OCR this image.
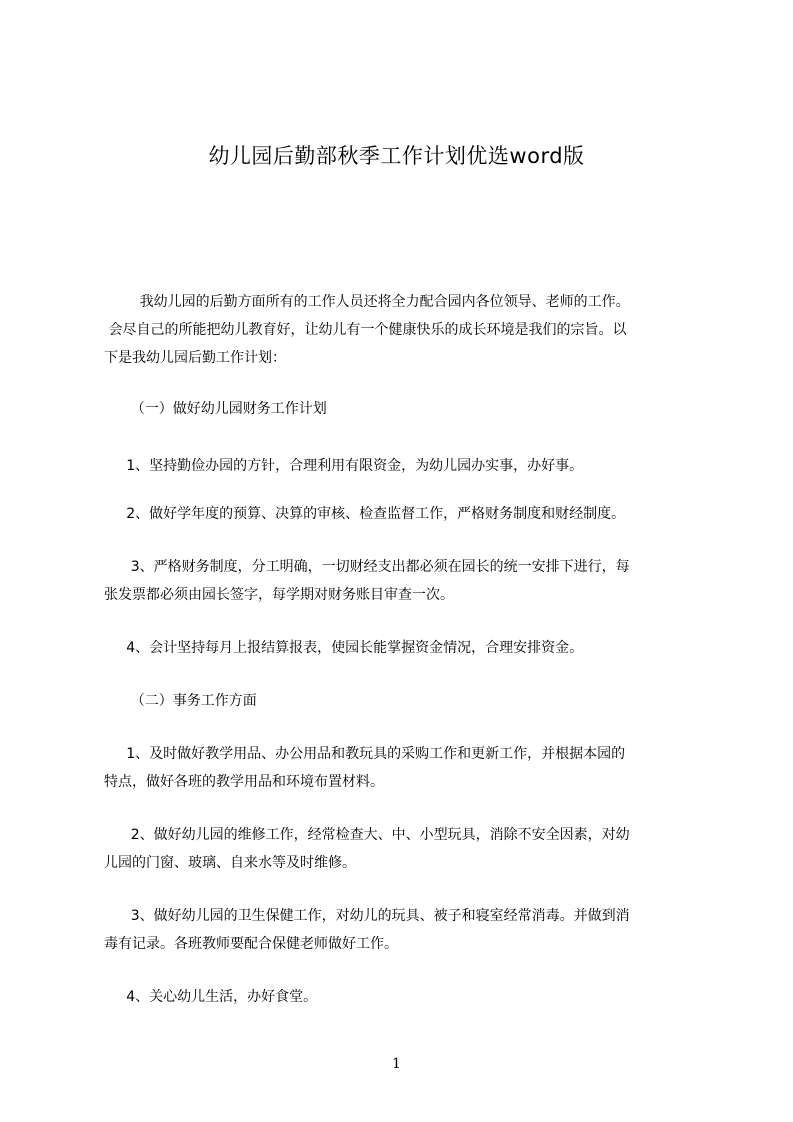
幼儿园后勤部秋季工作计划优选word版

我幼儿园的后勤方面所有的工作人员还将全力配合园内各位领导、老师的工作。
会尽自己的所能把幼儿教育好，让幼儿有一个健康快乐的成长环境是我们的宗旨。以
下是我幼儿园后勤工作计划：

（一）做好幼儿园财务工作计划

1、坚持勤俭办园的方针，合理利用有限资金，为幼儿园办实事，办好事。

2、做好学年度的预算、决算的审核、检查监督工作，严格财务制度和财经制度。

3、严格财务制度，分工明确，一切财经支出都必须在园长的统一安排下进行，每
张发票都必须由园长签字，每学期对财务账目审查一次。

4、会计坚持每月上报结算报表，使园长能掌握资金情况，合理安排资金。

（二）事务工作方面

1、及时做好教学用品、办公用品和教玩具的采购工作和更新工作，并根据本园的
特点，做好各班的教学用品和环境布置材料。

2、做好幼儿园的维修工作，经常检查大、中、小型玩具，消除不安全因素，对幼
儿园的门窗、玻璃、自来水等及时维修。

3、做好幼儿园的卫生保健工作，对幼儿的玩具、被子和寝室经常消毒。并做到消
毒有记录。各班教师要配合保健老师做好工作。

4、关心幼儿生活，办好食堂。

1
